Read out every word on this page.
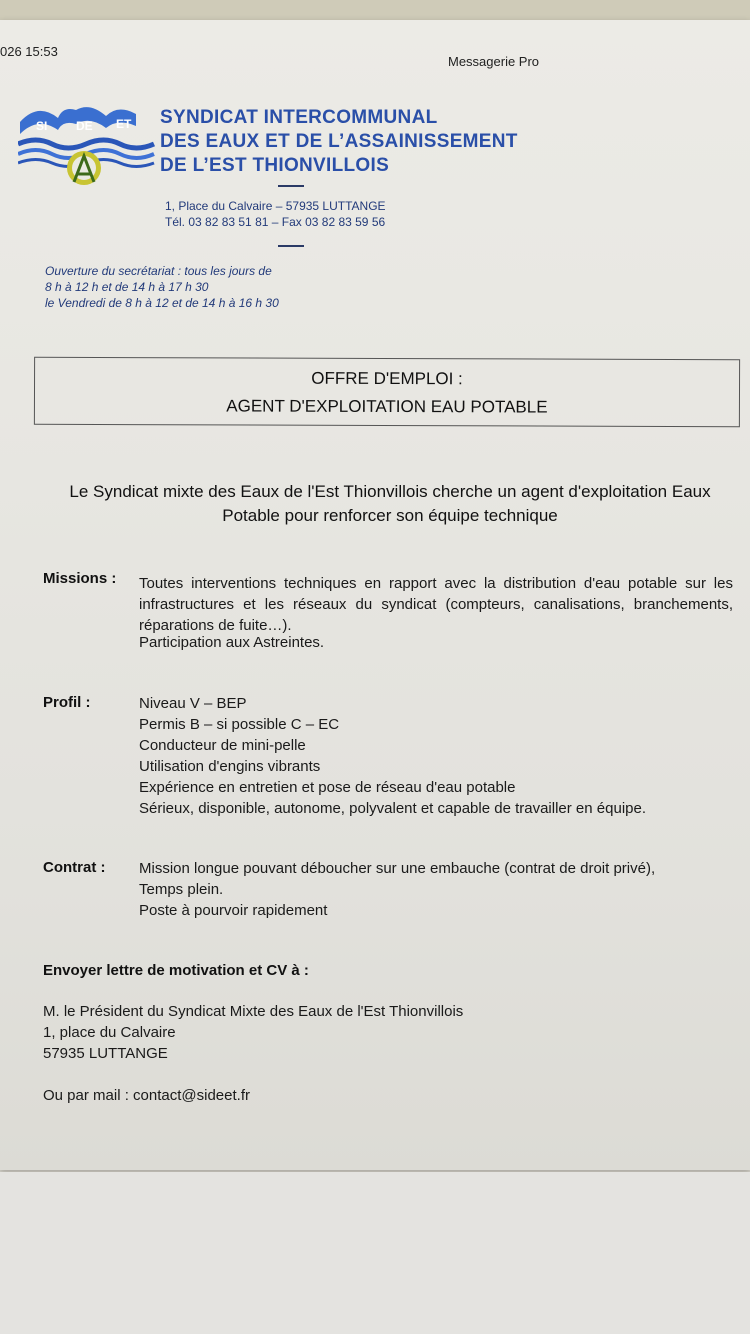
026 15:53
Messagerie Pro
SI DE ET SYNDICAT INTERCOMMUNAL
DES EAUX ET DE L’ASSAINISSEMENT
DE L’EST THIONVILLOIS
1, Place du Calvaire – 57935 LUTTANGE
Tél. 03 82 83 51 81 – Fax 03 82 83 59 56
Ouverture du secrétariat : tous les jours de
8 h à 12 h et de 14 h à 17 h 30
le Vendredi de 8 h à 12 et de 14 h à 16 h 30
OFFRE D'EMPLOI :
AGENT D'EXPLOITATION EAU POTABLE
Le Syndicat mixte des Eaux de l'Est Thionvillois cherche un agent d'exploitation Eaux Potable pour renforcer son équipe technique
Missions : Toutes interventions techniques en rapport avec la distribution d'eau potable sur les infrastructures et les réseaux du syndicat (compteurs, canalisations, branchements, réparations de fuite…).
Participation aux Astreintes.
Profil :	Niveau V – BEP
Permis B – si possible C – EC
Conducteur de mini-pelle
Utilisation d'engins vibrants
Expérience en entretien et pose de réseau d'eau potable
Sérieux, disponible, autonome, polyvalent et capable de travailler en équipe.
Contrat : Mission longue pouvant déboucher sur une embauche (contrat de droit privé),
Temps plein.
Poste à pourvoir rapidement
Envoyer lettre de motivation et CV à :
M. le Président du Syndicat Mixte des Eaux de l'Est Thionvillois
1, place du Calvaire
57935 LUTTANGE
Ou par mail : contact@sideet.fr
